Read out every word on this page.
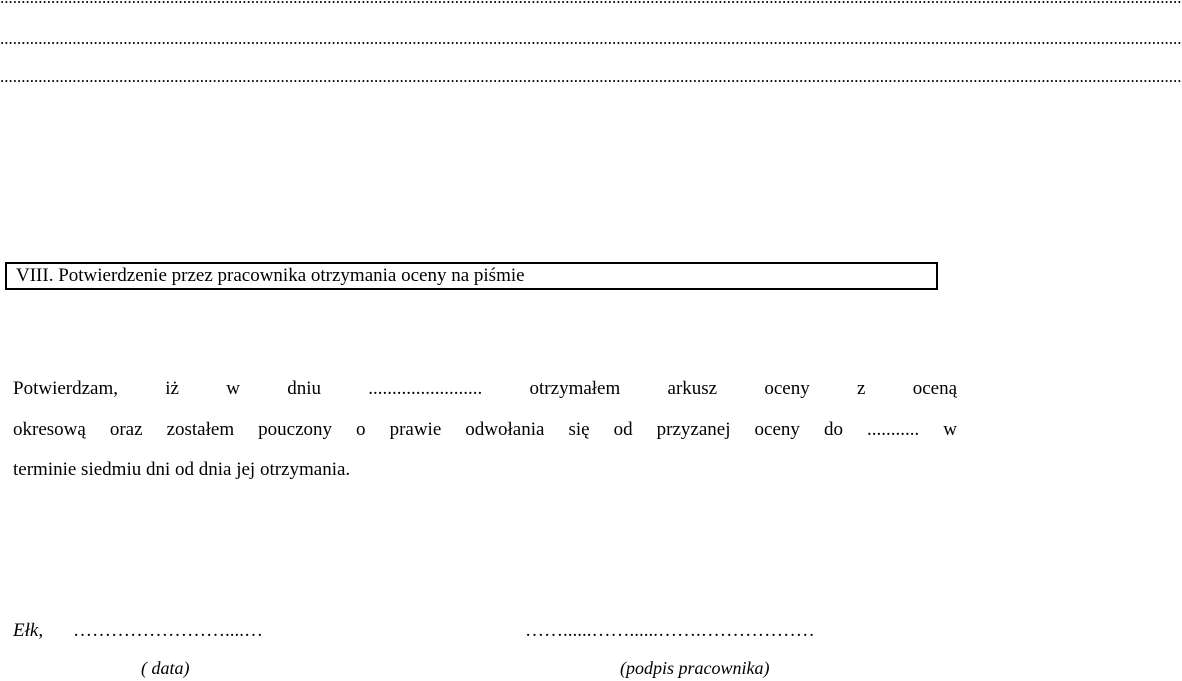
......................................................................................................................................................................................................................................................................................
......................................................................................................................................................................................................................................................................................
VIII. Potwierdzenie przez pracownika otrzymania oceny na piśmie
Potwierdzam, iż w dniu ........................ otrzymałem arkusz oceny z oceną
okresową oraz zostałem pouczony o prawie odwołania się od przyzanej oceny do ........... w
terminie siedmiu dni od dnia jej otrzymania.
Ełk, ……………………....…	……......……......…….………………
( data)	(podpis pracownika)
